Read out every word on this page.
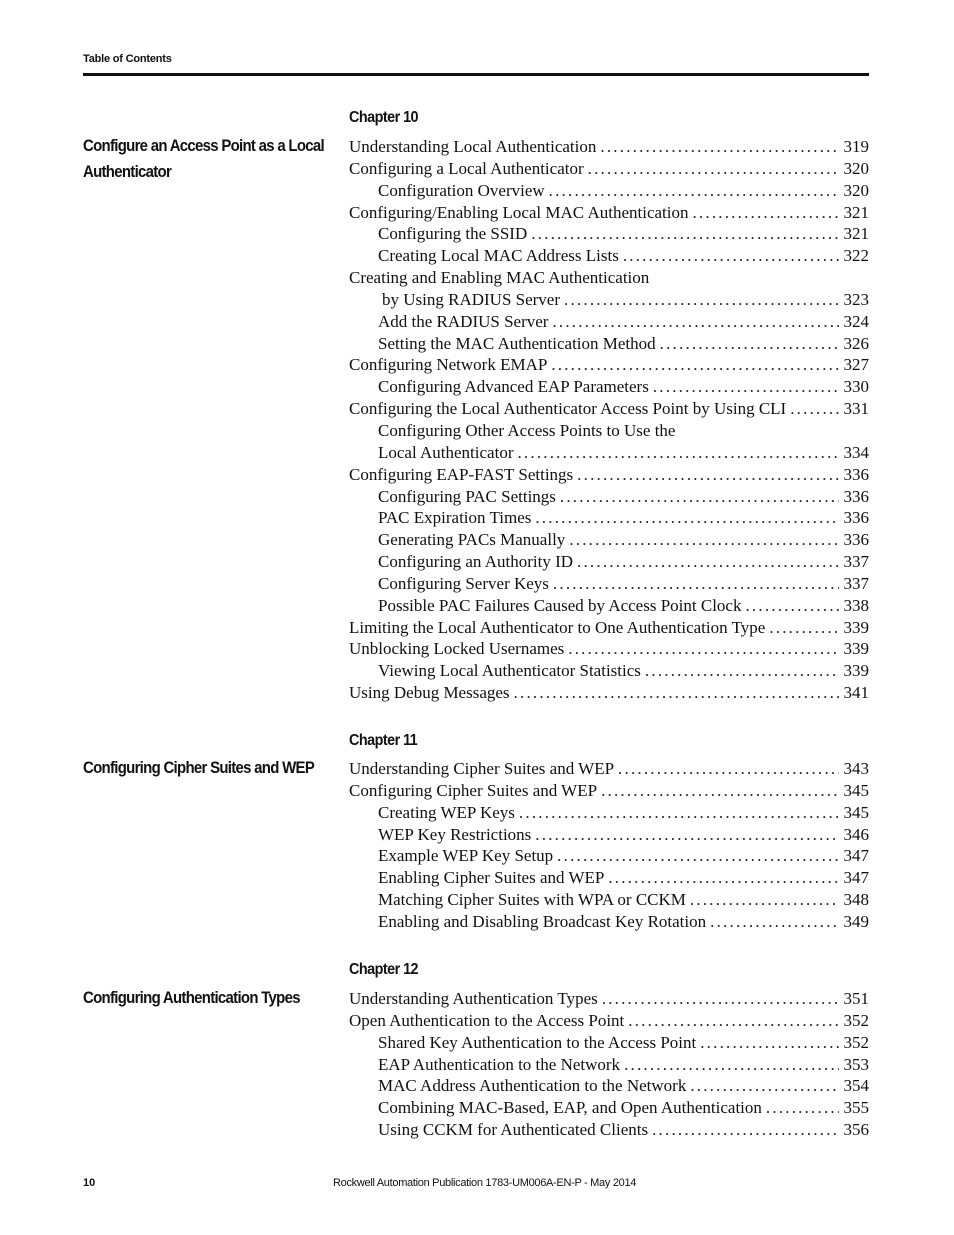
Table of Contents
Chapter 10
Configure an Access Point as a Local
Authenticator
Understanding Local Authentication .....	319
Configuring a Local Authenticator .....	320
Configuration Overview .....	320
Configuring/Enabling Local MAC Authentication .....	321
Configuring the SSID .....	321
Creating Local MAC Address Lists .....	322
Creating and Enabling MAC Authentication
by Using RADIUS Server .....	323
Add the RADIUS Server .....	324
Setting the MAC Authentication Method .....	326
Configuring Network EMAP .....	327
Configuring Advanced EAP Parameters .....	330
Configuring the Local Authenticator Access Point by Using CLI .....	331
Configuring Other Access Points to Use the
Local Authenticator .....	334
Configuring EAP-FAST Settings .....	336
Configuring PAC Settings .....	336
PAC Expiration Times .....	336
Generating PACs Manually .....	336
Configuring an Authority ID .....	337
Configuring Server Keys .....	337
Possible PAC Failures Caused by Access Point Clock .....	338
Limiting the Local Authenticator to One Authentication Type .....	339
Unblocking Locked Usernames .....	339
Viewing Local Authenticator Statistics .....	339
Using Debug Messages .....	341
Chapter 11
Configuring Cipher Suites and WEP	Understanding Cipher Suites and WEP .....	343
Configuring Cipher Suites and WEP .....	345
Creating WEP Keys .....	345
WEP Key Restrictions .....	346
Example WEP Key Setup .....	347
Enabling Cipher Suites and WEP .....	347
Matching Cipher Suites with WPA or CCKM .....	348
Enabling and Disabling Broadcast Key Rotation .....	349
Chapter 12
Configuring Authentication Types	Understanding Authentication Types .....	351
Open Authentication to the Access Point .....	352
Shared Key Authentication to the Access Point .....	352
EAP Authentication to the Network .....	353
MAC Address Authentication to the Network .....	354
Combining MAC-Based, EAP, and Open Authentication .....	355
Using CCKM for Authenticated Clients .....	356
10	Rockwell Automation Publication 1783-UM006A-EN-P - May 2014
